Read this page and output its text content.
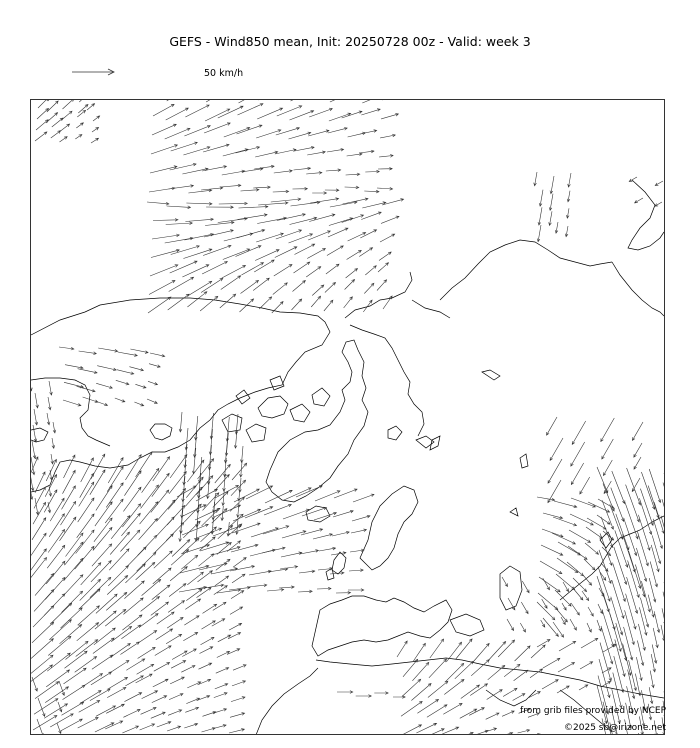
GEFS - Wind850 mean, Init: 20250728 00z - Valid: week 3
50 km/h
from grib files provided by NCEP
©2025 sb@irizone.net
